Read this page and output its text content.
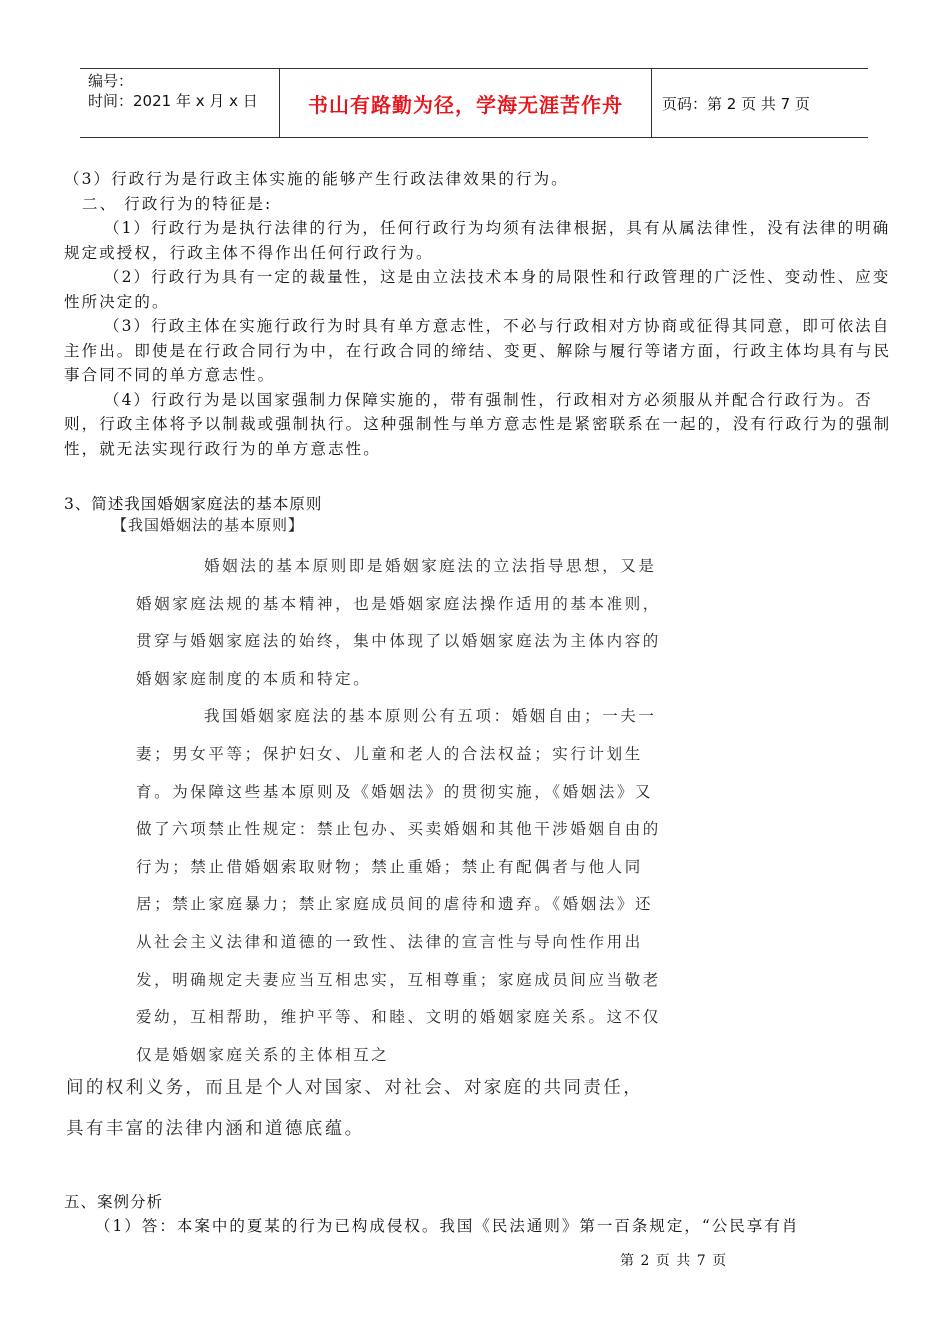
编号：
时间：2021 年 x 月 x 日	书山有路勤为径，学海无涯苦作舟	页码：第 2 页 共 7 页

（3）行政行为是行政主体实施的能够产生行政法律效果的行为。

二、 行政行为的特征是:

（1）行政行为是执行法律的行为，任何行政行为均须有法律根据，具有从属法律性，没有法律的明确规定或授权，行政主体不得作出任何行政行为。

（2）行政行为具有一定的裁量性，这是由立法技术本身的局限性和行政管理的广泛性、变动性、应变性所决定的。

（3）行政主体在实施行政行为时具有单方意志性，不必与行政相对方协商或征得其同意，即可依法自主作出。即使是在行政合同行为中，在行政合同的缔结、变更、解除与履行等诸方面，行政主体均具有与民事合同不同的单方意志性。

（4）行政行为是以国家强制力保障实施的，带有强制性，行政相对方必须服从并配合行政行为。否则，行政主体将予以制裁或强制执行。这种强制性与单方意志性是紧密联系在一起的，没有行政行为的强制性，就无法实现行政行为的单方意志性。

3、简述我国婚姻家庭法的基本原则

【我国婚姻法的基本原则】

婚姻法的基本原则即是婚姻家庭法的立法指导思想，又是婚姻家庭法规的基本精神，也是婚姻家庭法操作适用的基本准则，贯穿与婚姻家庭法的始终，集中体现了以婚姻家庭法为主体内容的婚姻家庭制度的本质和特定。

我国婚姻家庭法的基本原则公有五项：婚姻自由；一夫一妻；男女平等；保护妇女、儿童和老人的合法权益；实行计划生育。为保障这些基本原则及《婚姻法》的贯彻实施，《婚姻法》又做了六项禁止性规定：禁止包办、买卖婚姻和其他干涉婚姻自由的行为；禁止借婚姻索取财物；禁止重婚；禁止有配偶者与他人同居；禁止家庭暴力；禁止家庭成员间的虐待和遗弃。《婚姻法》还从社会主义法律和道德的一致性、法律的宣言性与导向性作用出发，明确规定夫妻应当互相忠实，互相尊重；家庭成员间应当敬老爱幼，互相帮助，维护平等、和睦、文明的婚姻家庭关系。这不仅仅是婚姻家庭关系的主体相互之

间的权利义务，而且是个人对国家、对社会、对家庭的共同责任，具有丰富的法律内涵和道德底蕴。

五、案例分析

（1）答：本案中的夏某的行为已构成侵权。我国《民法通则》第一百条规定，“公民享有肖

第 2 页 共 7 页
